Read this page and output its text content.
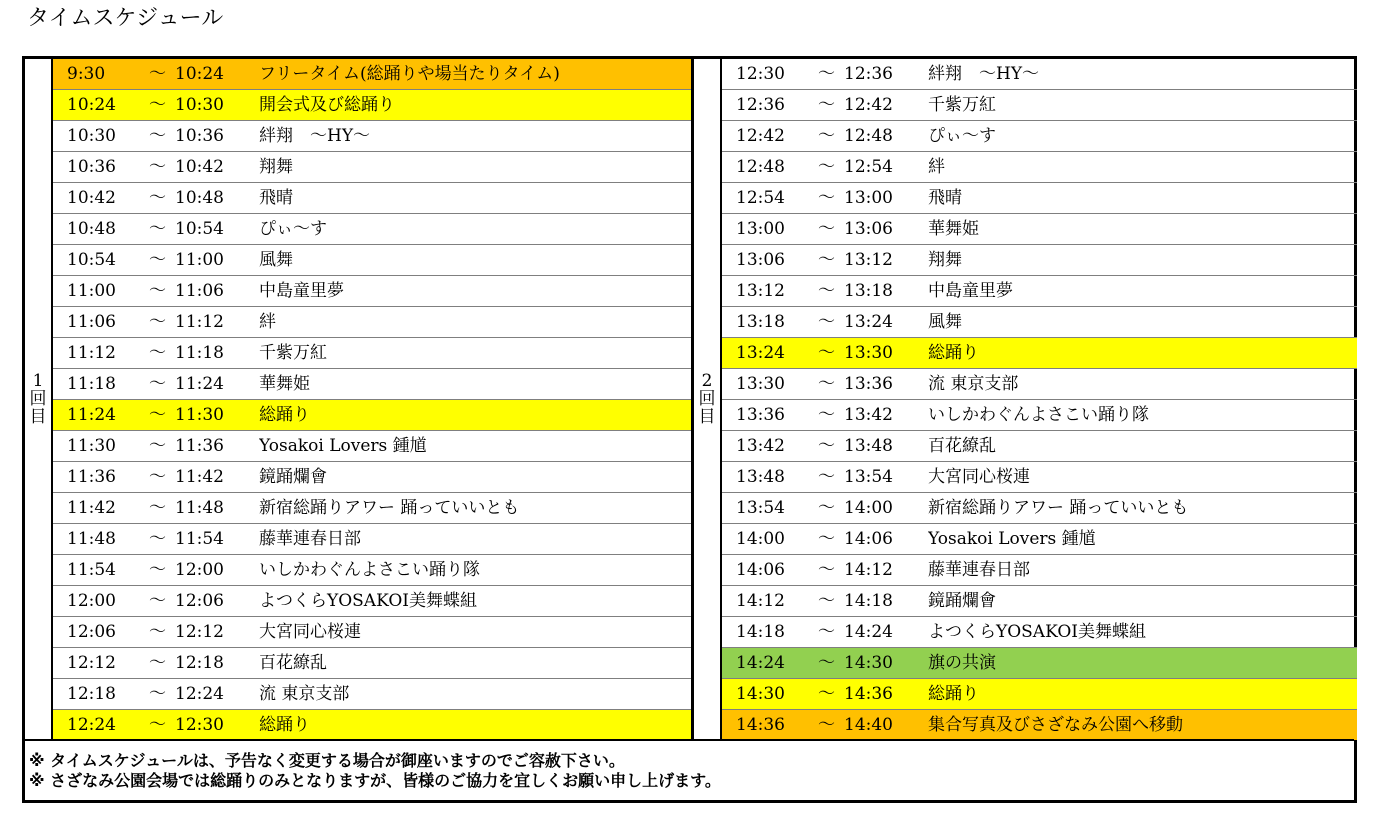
タイムスケジュール
1回目
9:30	～	10:24	フリータイム(総踊りや場当たりタイム)
10:24	～	10:30	開会式及び総踊り
10:30	～	10:36	絆翔　～HY～
10:36	～	10:42	翔舞
10:42	～	10:48	飛晴
10:48	～	10:54	ぴぃ～す
10:54	～	11:00	風舞
11:00	～	11:06	中島童里夢
11:06	～	11:12	絆
11:12	～	11:18	千紫万紅
11:18	～	11:24	華舞姫
11:24	～	11:30	総踊り
11:30	～	11:36	Yosakoi Lovers 鍾馗
11:36	～	11:42	鏡踊爛會
11:42	～	11:48	新宿総踊りアワー 踊っていいとも
11:48	～	11:54	藤華連春日部
11:54	～	12:00	いしかわぐんよさこい踊り隊
12:00	～	12:06	よつくらYOSAKOI美舞蝶組
12:06	～	12:12	大宮同心桜連
12:12	～	12:18	百花繚乱
12:18	～	12:24	流 東京支部
12:24	～	12:30	総踊り
2回目
12:30	～	12:36	絆翔　～HY～
12:36	～	12:42	千紫万紅
12:42	～	12:48	ぴぃ～す
12:48	～	12:54	絆
12:54	～	13:00	飛晴
13:00	～	13:06	華舞姫
13:06	～	13:12	翔舞
13:12	～	13:18	中島童里夢
13:18	～	13:24	風舞
13:24	～	13:30	総踊り
13:30	～	13:36	流 東京支部
13:36	～	13:42	いしかわぐんよさこい踊り隊
13:42	～	13:48	百花繚乱
13:48	～	13:54	大宮同心桜連
13:54	～	14:00	新宿総踊りアワー 踊っていいとも
14:00	～	14:06	Yosakoi Lovers 鍾馗
14:06	～	14:12	藤華連春日部
14:12	～	14:18	鏡踊爛會
14:18	～	14:24	よつくらYOSAKOI美舞蝶組
14:24	～	14:30	旗の共演
14:30	～	14:36	総踊り
14:36	～	14:40	集合写真及びさざなみ公園へ移動
※ タイムスケジュールは、予告なく変更する場合が御座いますのでご容赦下さい。
※ さざなみ公園会場では総踊りのみとなりますが、皆様のご協力を宜しくお願い申し上げます。
